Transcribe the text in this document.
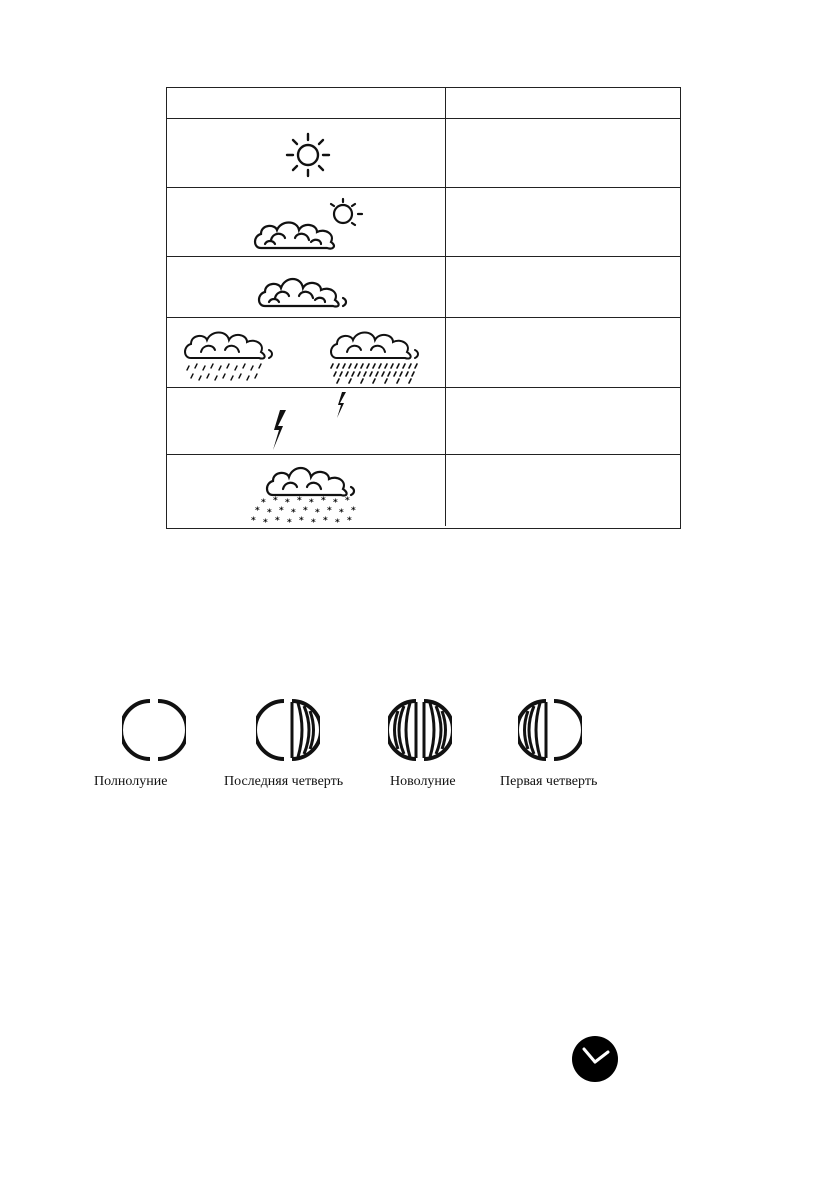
* * * * * * * *
* * * * * * * * *
* * * * * * * * *
Полнолуние	Последняя четверть	Новолуние	Первая четверть
